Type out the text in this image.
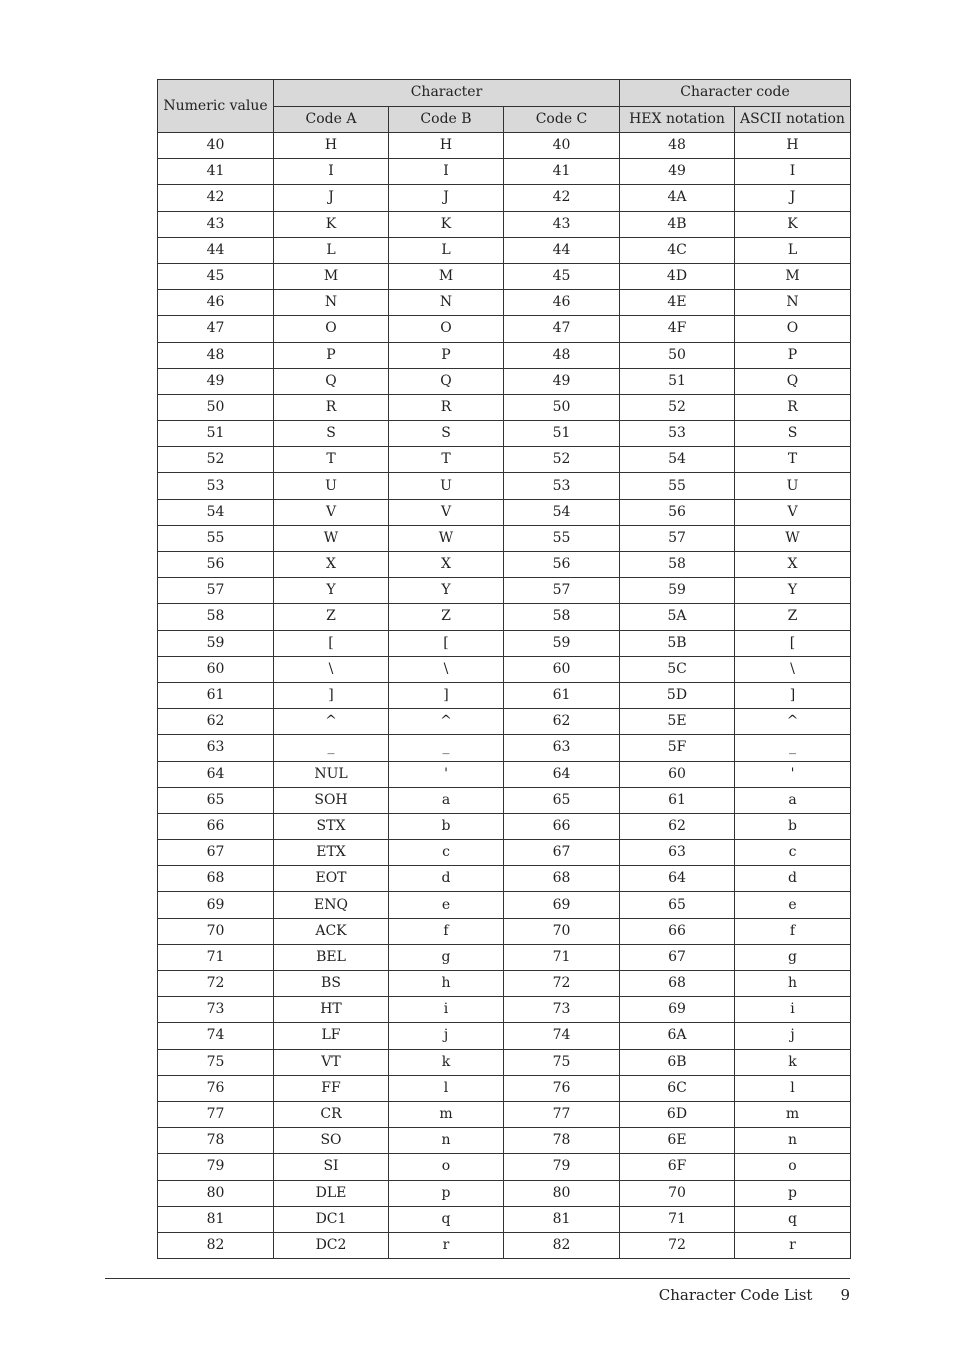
Numeric value	Character			Character code	
	Code A	Code B	Code C	HEX notation	ASCII notation
40	H	H	40	48	H
41	I	I	41	49	I
42	J	J	42	4A	J
43	K	K	43	4B	K
44	L	L	44	4C	L
45	M	M	45	4D	M
46	N	N	46	4E	N
47	O	O	47	4F	O
48	P	P	48	50	P
49	Q	Q	49	51	Q
50	R	R	50	52	R
51	S	S	51	53	S
52	T	T	52	54	T
53	U	U	53	55	U
54	V	V	54	56	V
55	W	W	55	57	W
56	X	X	56	58	X
57	Y	Y	57	59	Y
58	Z	Z	58	5A	Z
59	[	[	59	5B	[
60	\	\	60	5C	\
61	]	]	61	5D	]
62	^	^	62	5E	^
63	_	_	63	5F	_
64	NUL	'	64	60	'
65	SOH	a	65	61	a
66	STX	b	66	62	b
67	ETX	c	67	63	c
68	EOT	d	68	64	d
69	ENQ	e	69	65	e
70	ACK	f	70	66	f
71	BEL	g	71	67	g
72	BS	h	72	68	h
73	HT	i	73	69	i
74	LF	j	74	6A	j
75	VT	k	75	6B	k
76	FF	l	76	6C	l
77	CR	m	77	6D	m
78	SO	n	78	6E	n
79	SI	o	79	6F	o
80	DLE	p	80	70	p
81	DC1	q	81	71	q
82	DC2	r	82	72	r
Character Code List 9
